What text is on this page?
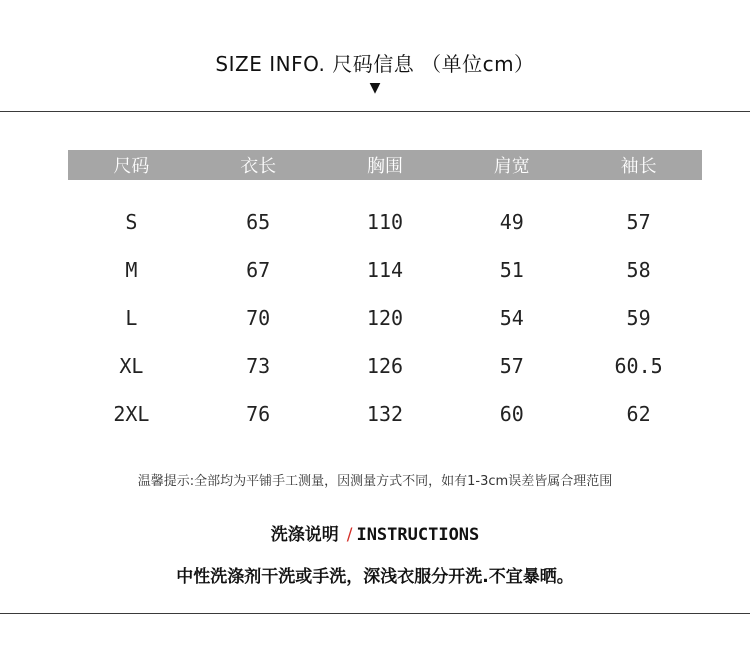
SIZE INFO. 尺码信息 （单位cm）
▼
尺码	衣长	胸围	肩宽	袖长
S	65	110	49	57
M	67	114	51	58
L	70	120	54	59
XL	73	126	57	60.5
2XL	76	132	60	62
温馨提示:全部均为平铺手工测量，因测量方式不同，如有1-3cm误差皆属合理范围
洗涤说明 / INSTRUCTIONS
中性洗涤剂干洗或手洗，深浅衣服分开洗.不宜暴晒。
